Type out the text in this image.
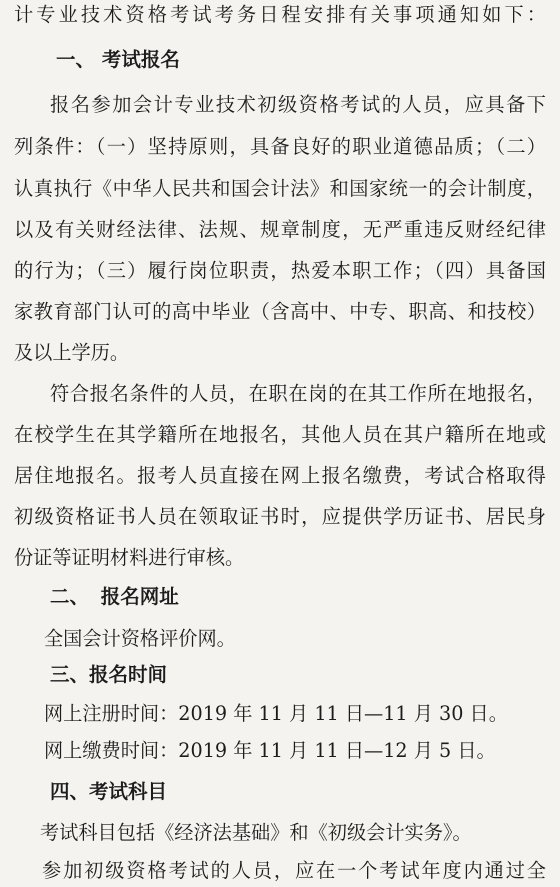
计专业技术资格考试考务日程安排有关事项通知如下：
一、 考试报名
报名参加会计专业技术初级资格考试的人员，应具备下
列条件：（一）坚持原则，具备良好的职业道德品质；（二）
认真执行《中华人民共和国会计法》和国家统一的会计制度，
以及有关财经法律、法规、规章制度，无严重违反财经纪律
的行为；（三）履行岗位职责，热爱本职工作；（四）具备国
家教育部门认可的高中毕业（含高中、中专、职高、和技校）
及以上学历。
符合报名条件的人员，在职在岗的在其工作所在地报名，
在校学生在其学籍所在地报名，其他人员在其户籍所在地或
居住地报名。报考人员直接在网上报名缴费，考试合格取得
初级资格证书人员在领取证书时，应提供学历证书、居民身
份证等证明材料进行审核。
二、 报名网址
全国会计资格评价网。
三、报名时间
网上注册时间：2019 年 11 月 11 日—11 月 30 日。
网上缴费时间：2019 年 11 月 11 日—12 月 5 日。
四、考试科目
考试科目包括《经济法基础》和《初级会计实务》。
参加初级资格考试的人员，应在一个考试年度内通过全
